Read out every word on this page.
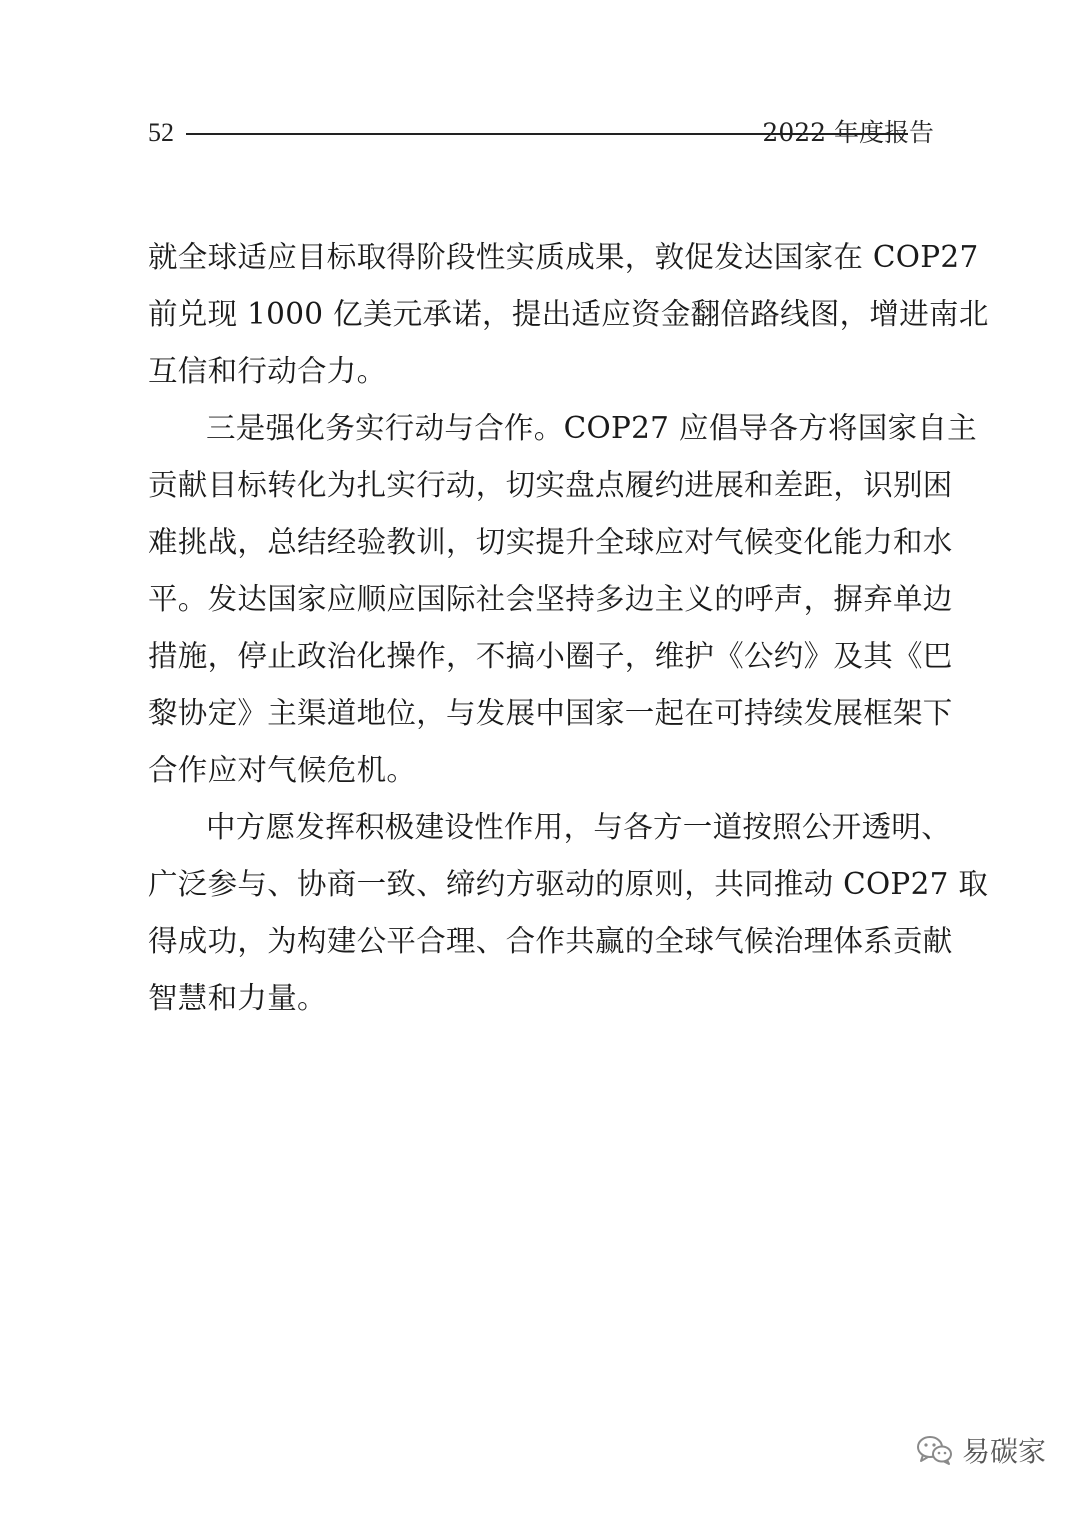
52	2022 年度报告
就全球适应目标取得阶段性实质成果，敦促发达国家在 COP27
前兑现 1000 亿美元承诺，提出适应资金翻倍路线图，增进南北
互信和行动合力。
三是强化务实行动与合作。COP27 应倡导各方将国家自主
贡献目标转化为扎实行动，切实盘点履约进展和差距，识别困
难挑战，总结经验教训，切实提升全球应对气候变化能力和水
平。发达国家应顺应国际社会坚持多边主义的呼声，摒弃单边
措施，停止政治化操作，不搞小圈子，维护《公约》及其《巴
黎协定》主渠道地位，与发展中国家一起在可持续发展框架下
合作应对气候危机。
中方愿发挥积极建设性作用，与各方一道按照公开透明、
广泛参与、协商一致、缔约方驱动的原则，共同推动 COP27 取
得成功，为构建公平合理、合作共赢的全球气候治理体系贡献
智慧和力量。
易碳家
